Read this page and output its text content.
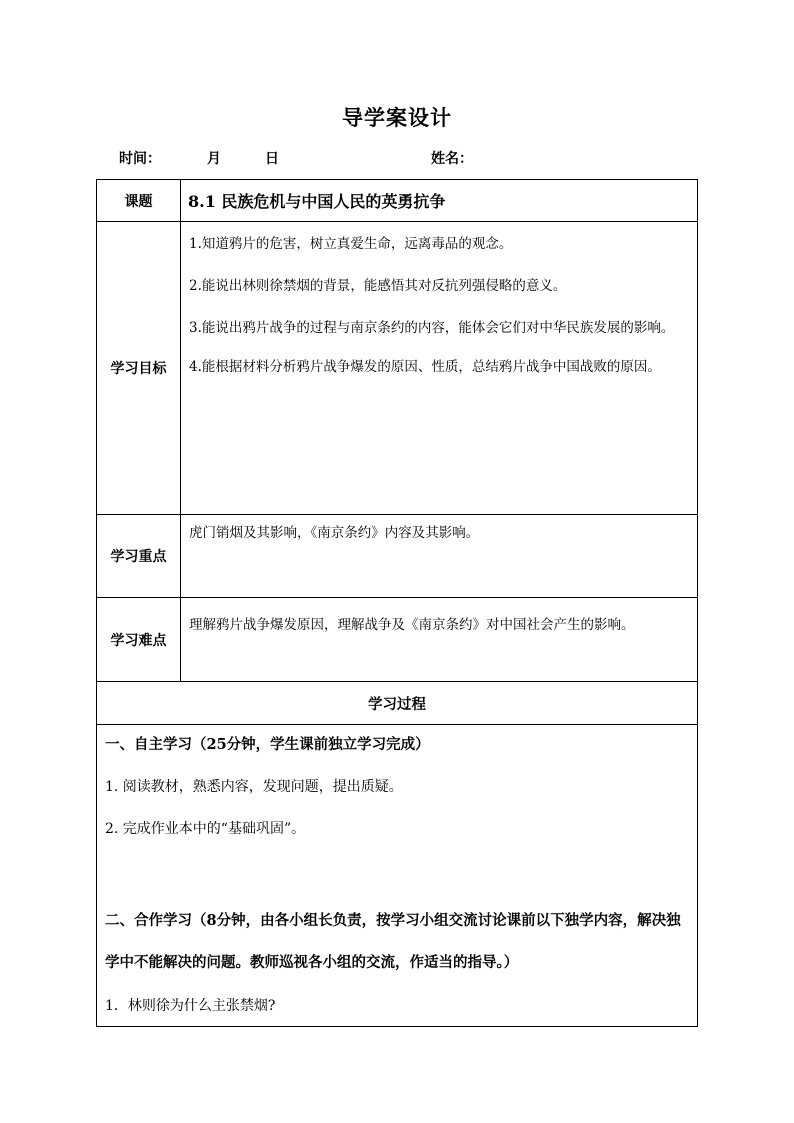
导学案设计
时间：	月	日	姓名：
课题	8.1 民族危机与中国人民的英勇抗争
学习目标	1.知道鸦片的危害，树立真爱生命，远离毒品的观念。

2.能说出林则徐禁烟的背景，能感悟其对反抗列强侵略的意义。

3.能说出鸦片战争的过程与南京条约的内容，能体会它们对中华民族发展的影响。

4.能根据材料分析鸦片战争爆发的原因、性质，总结鸦片战争中国战败的原因。

学习重点	虎门销烟及其影响，《南京条约》内容及其影响。

学习难点	理解鸦片战争爆发原因，理解战争及《南京条约》对中国社会产生的影响。

学习过程	

一、自主学习（25分钟，学生课前独立学习完成）

1. 阅读教材，熟悉内容，发现问题，提出质疑。

2. 完成作业本中的“基础巩固”。

二、合作学习（8分钟，由各小组长负责，按学习小组交流讨论课前以下独学内容，解决独学中不能解决的问题。教师巡视各小组的交流，作适当的指导。）

1．林则徐为什么主张禁烟?	
